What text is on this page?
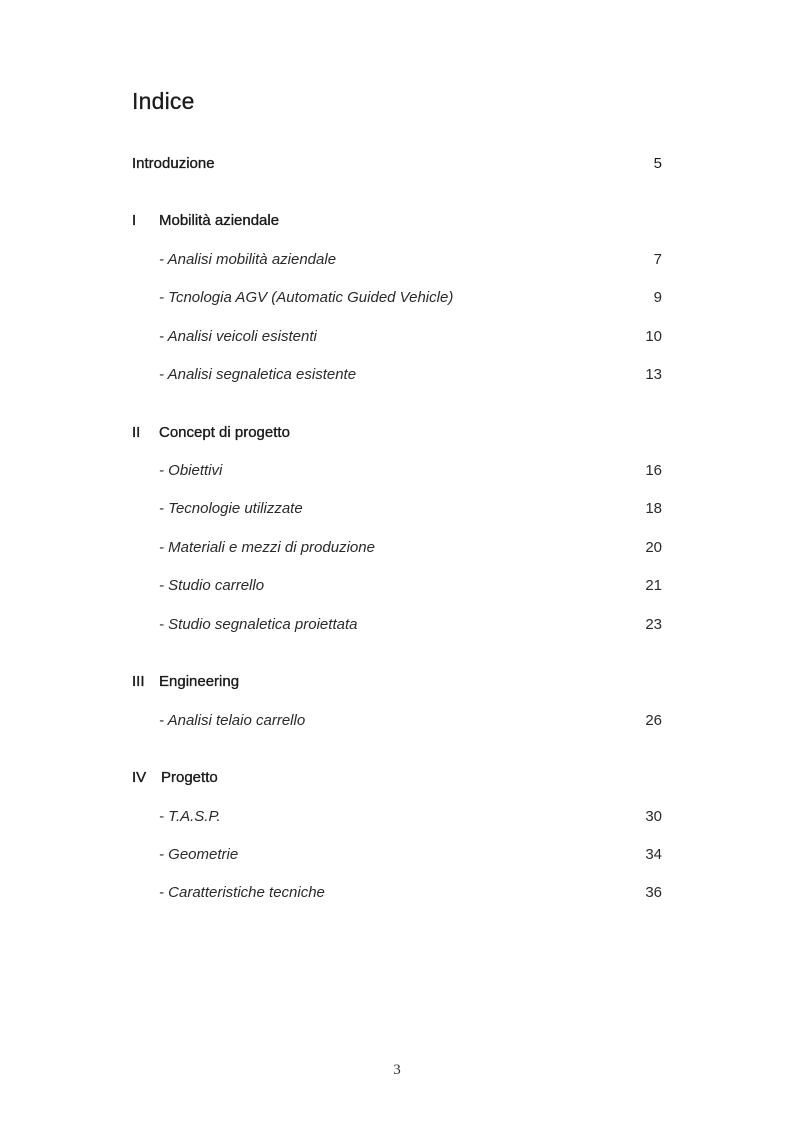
Indice
Introduzione	5
I Mobilità aziendale
- Analisi mobilità aziendale	7
- Tcnologia AGV (Automatic Guided Vehicle)	9
- Analisi veicoli esistenti	10
- Analisi segnaletica esistente	13
II Concept di progetto
- Obiettivi	16
- Tecnologie utilizzate	18
- Materiali e mezzi di produzione	20
- Studio carrello	21
- Studio segnaletica proiettata	23
III Engineering
- Analisi telaio carrello	26
IV Progetto
- T.A.S.P.	30
- Geometrie	34
- Caratteristiche tecniche	36
3
